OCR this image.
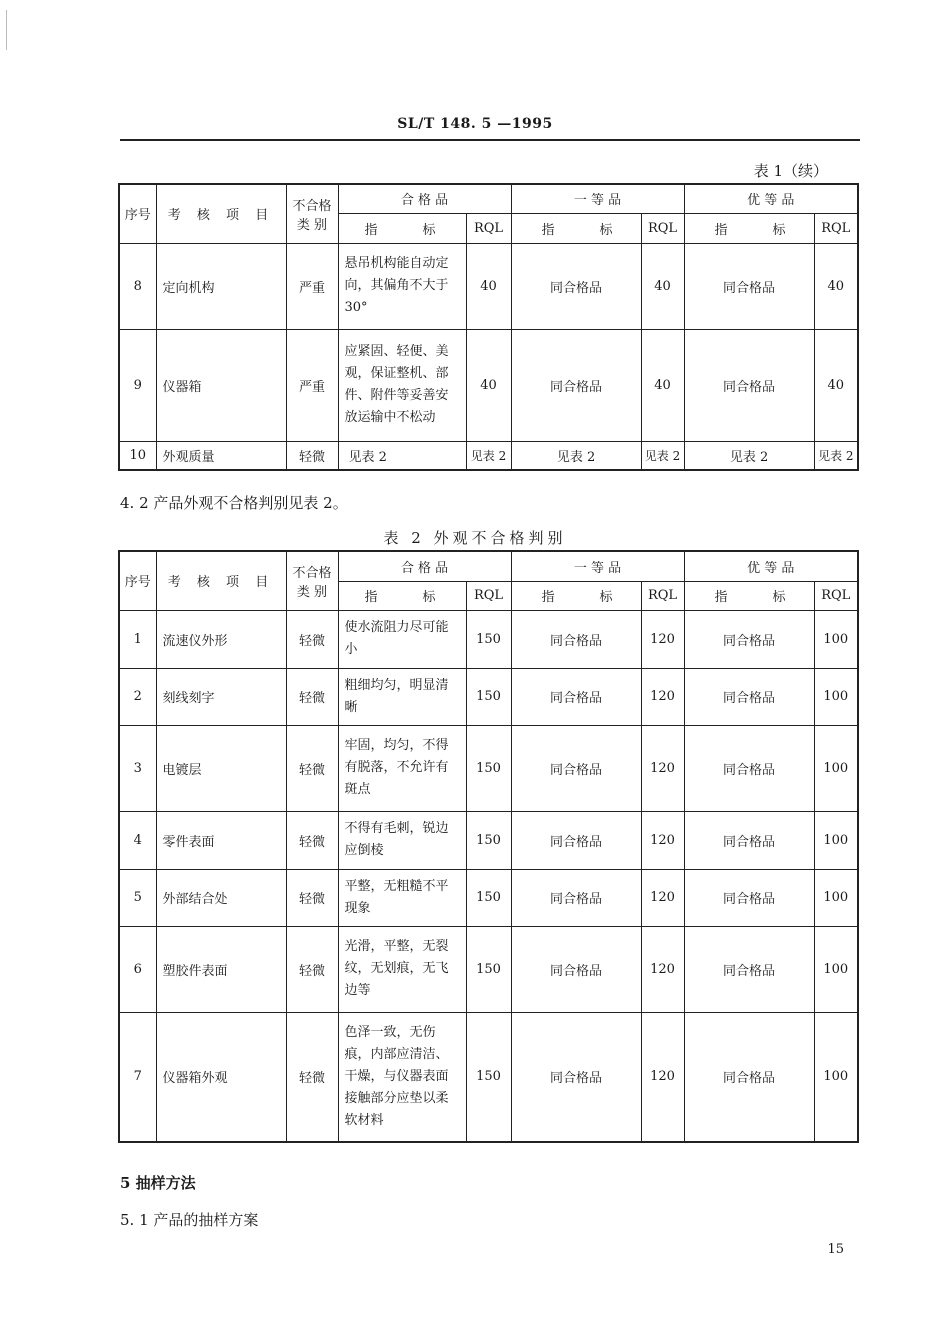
SL/T 148. 5 —1995
表 1（续）
序号	考 核 项 目	不合格
类 别	合 格 品		一 等 品		优 等 品	

			指 标	RQL	指 标	RQL	指 标	RQL
8	定向机构	严重	悬吊机构能自动定向，其偏角不大于 30°	40	同合格品	40	同合格品	40
9	仪器箱	严重	应紧固、轻便、美观，保证整机、部件、附件等妥善安放运输中不松动	40	同合格品	40	同合格品	40
10	外观质量	轻微	见表 2	见表 2	见表 2	见表 2	见表 2	见表 2
4. 2 产品外观不合格判别见表 2。
表 2 外观不合格判别
序号	考 核 项 目	不合格
类 别	合 格 品		一 等 品		优 等 品	

			指 标	RQL	指 标	RQL	指 标	RQL
1	流速仪外形	轻微	使水流阻力尽可能小	150	同合格品	120	同合格品	100
2	刻线刻字	轻微	粗细均匀，明显清晰	150	同合格品	120	同合格品	100
3	电镀层	轻微	牢固，均匀，不得有脱落，不允许有斑点	150	同合格品	120	同合格品	100
4	零件表面	轻微	不得有毛刺，锐边应倒棱	150	同合格品	120	同合格品	100
5	外部结合处	轻微	平整，无粗糙不平现象	150	同合格品	120	同合格品	100
6	塑胶件表面	轻微	光滑，平整，无裂纹，无划痕，无飞边等	150	同合格品	120	同合格品	100
7	仪器箱外观	轻微	色泽一致，无伤痕，内部应清洁、干燥，与仪器表面接触部分应垫以柔软材料	150	同合格品	120	同合格品	100
5 抽样方法
5. 1 产品的抽样方案
15
